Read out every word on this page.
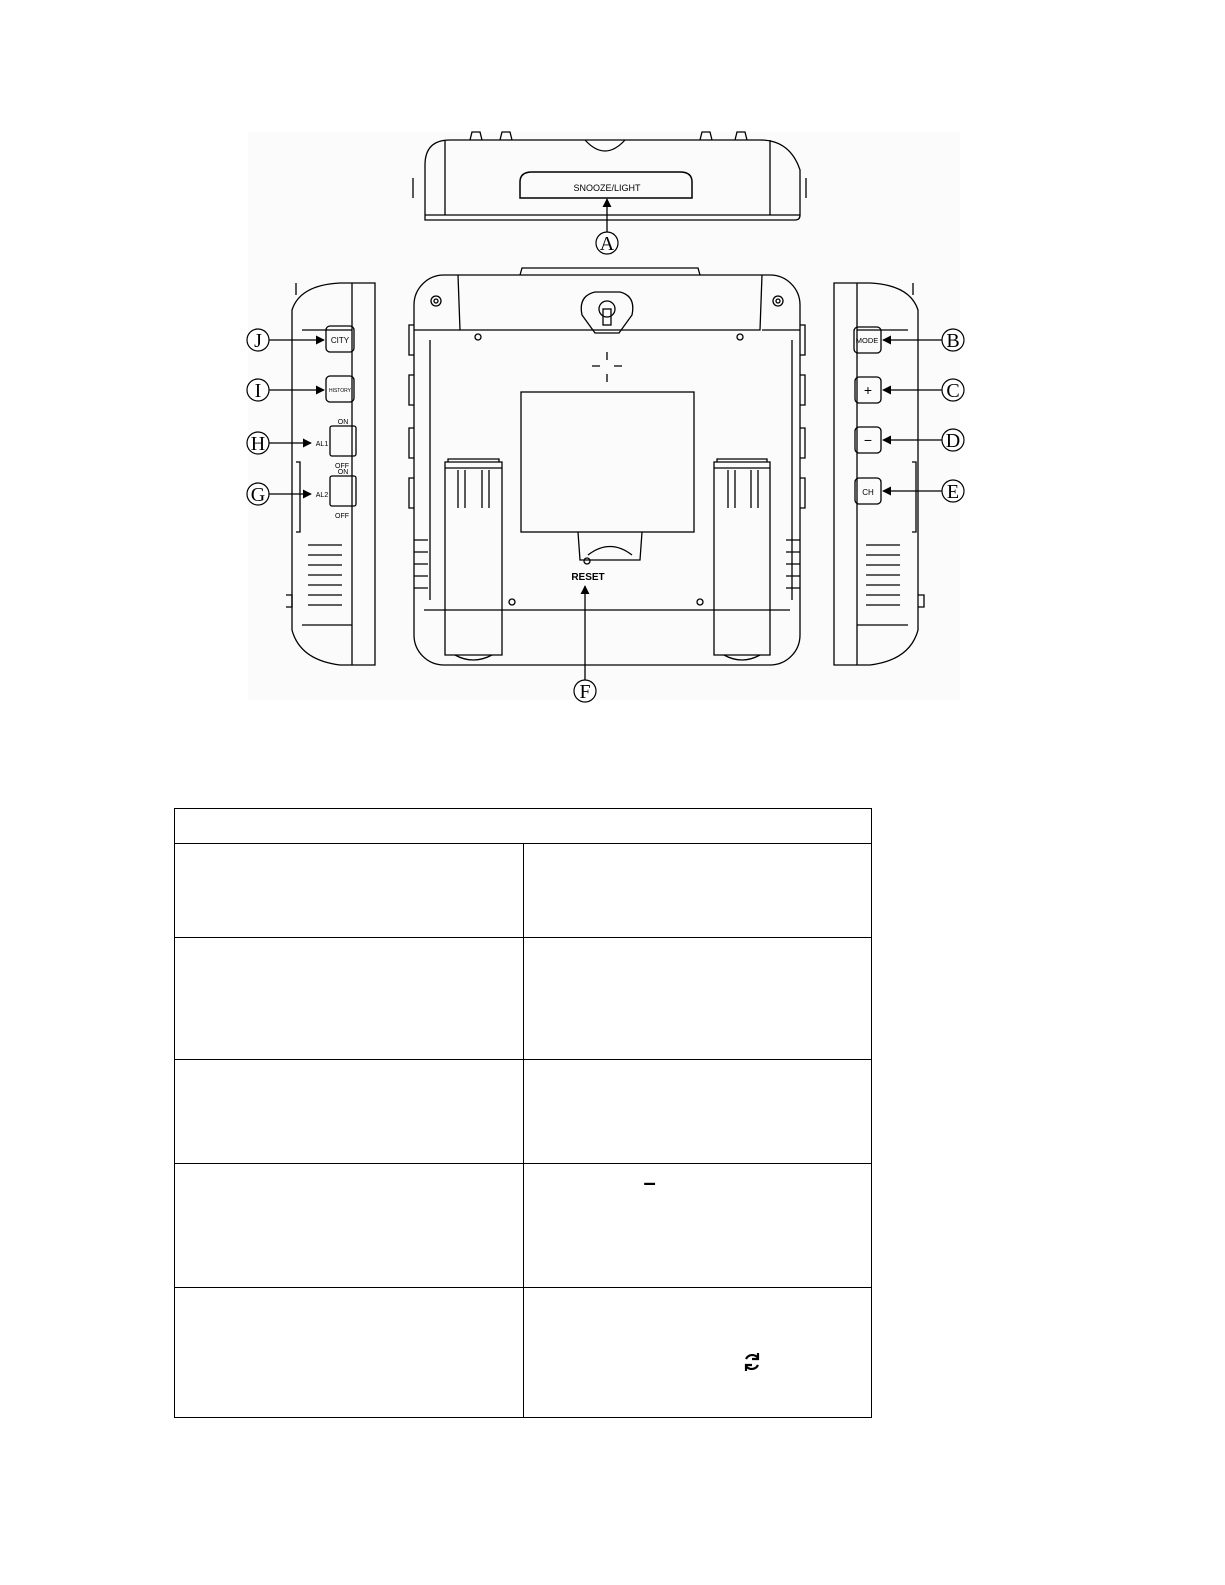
SNOOZE/LIGHT
A
RESET
F
CITY
HISTORY
ON
AL1
OFF
ON
AL2
OFF
J
I
H
G
MODE
+
−
CH
B
C
D
E

	–
